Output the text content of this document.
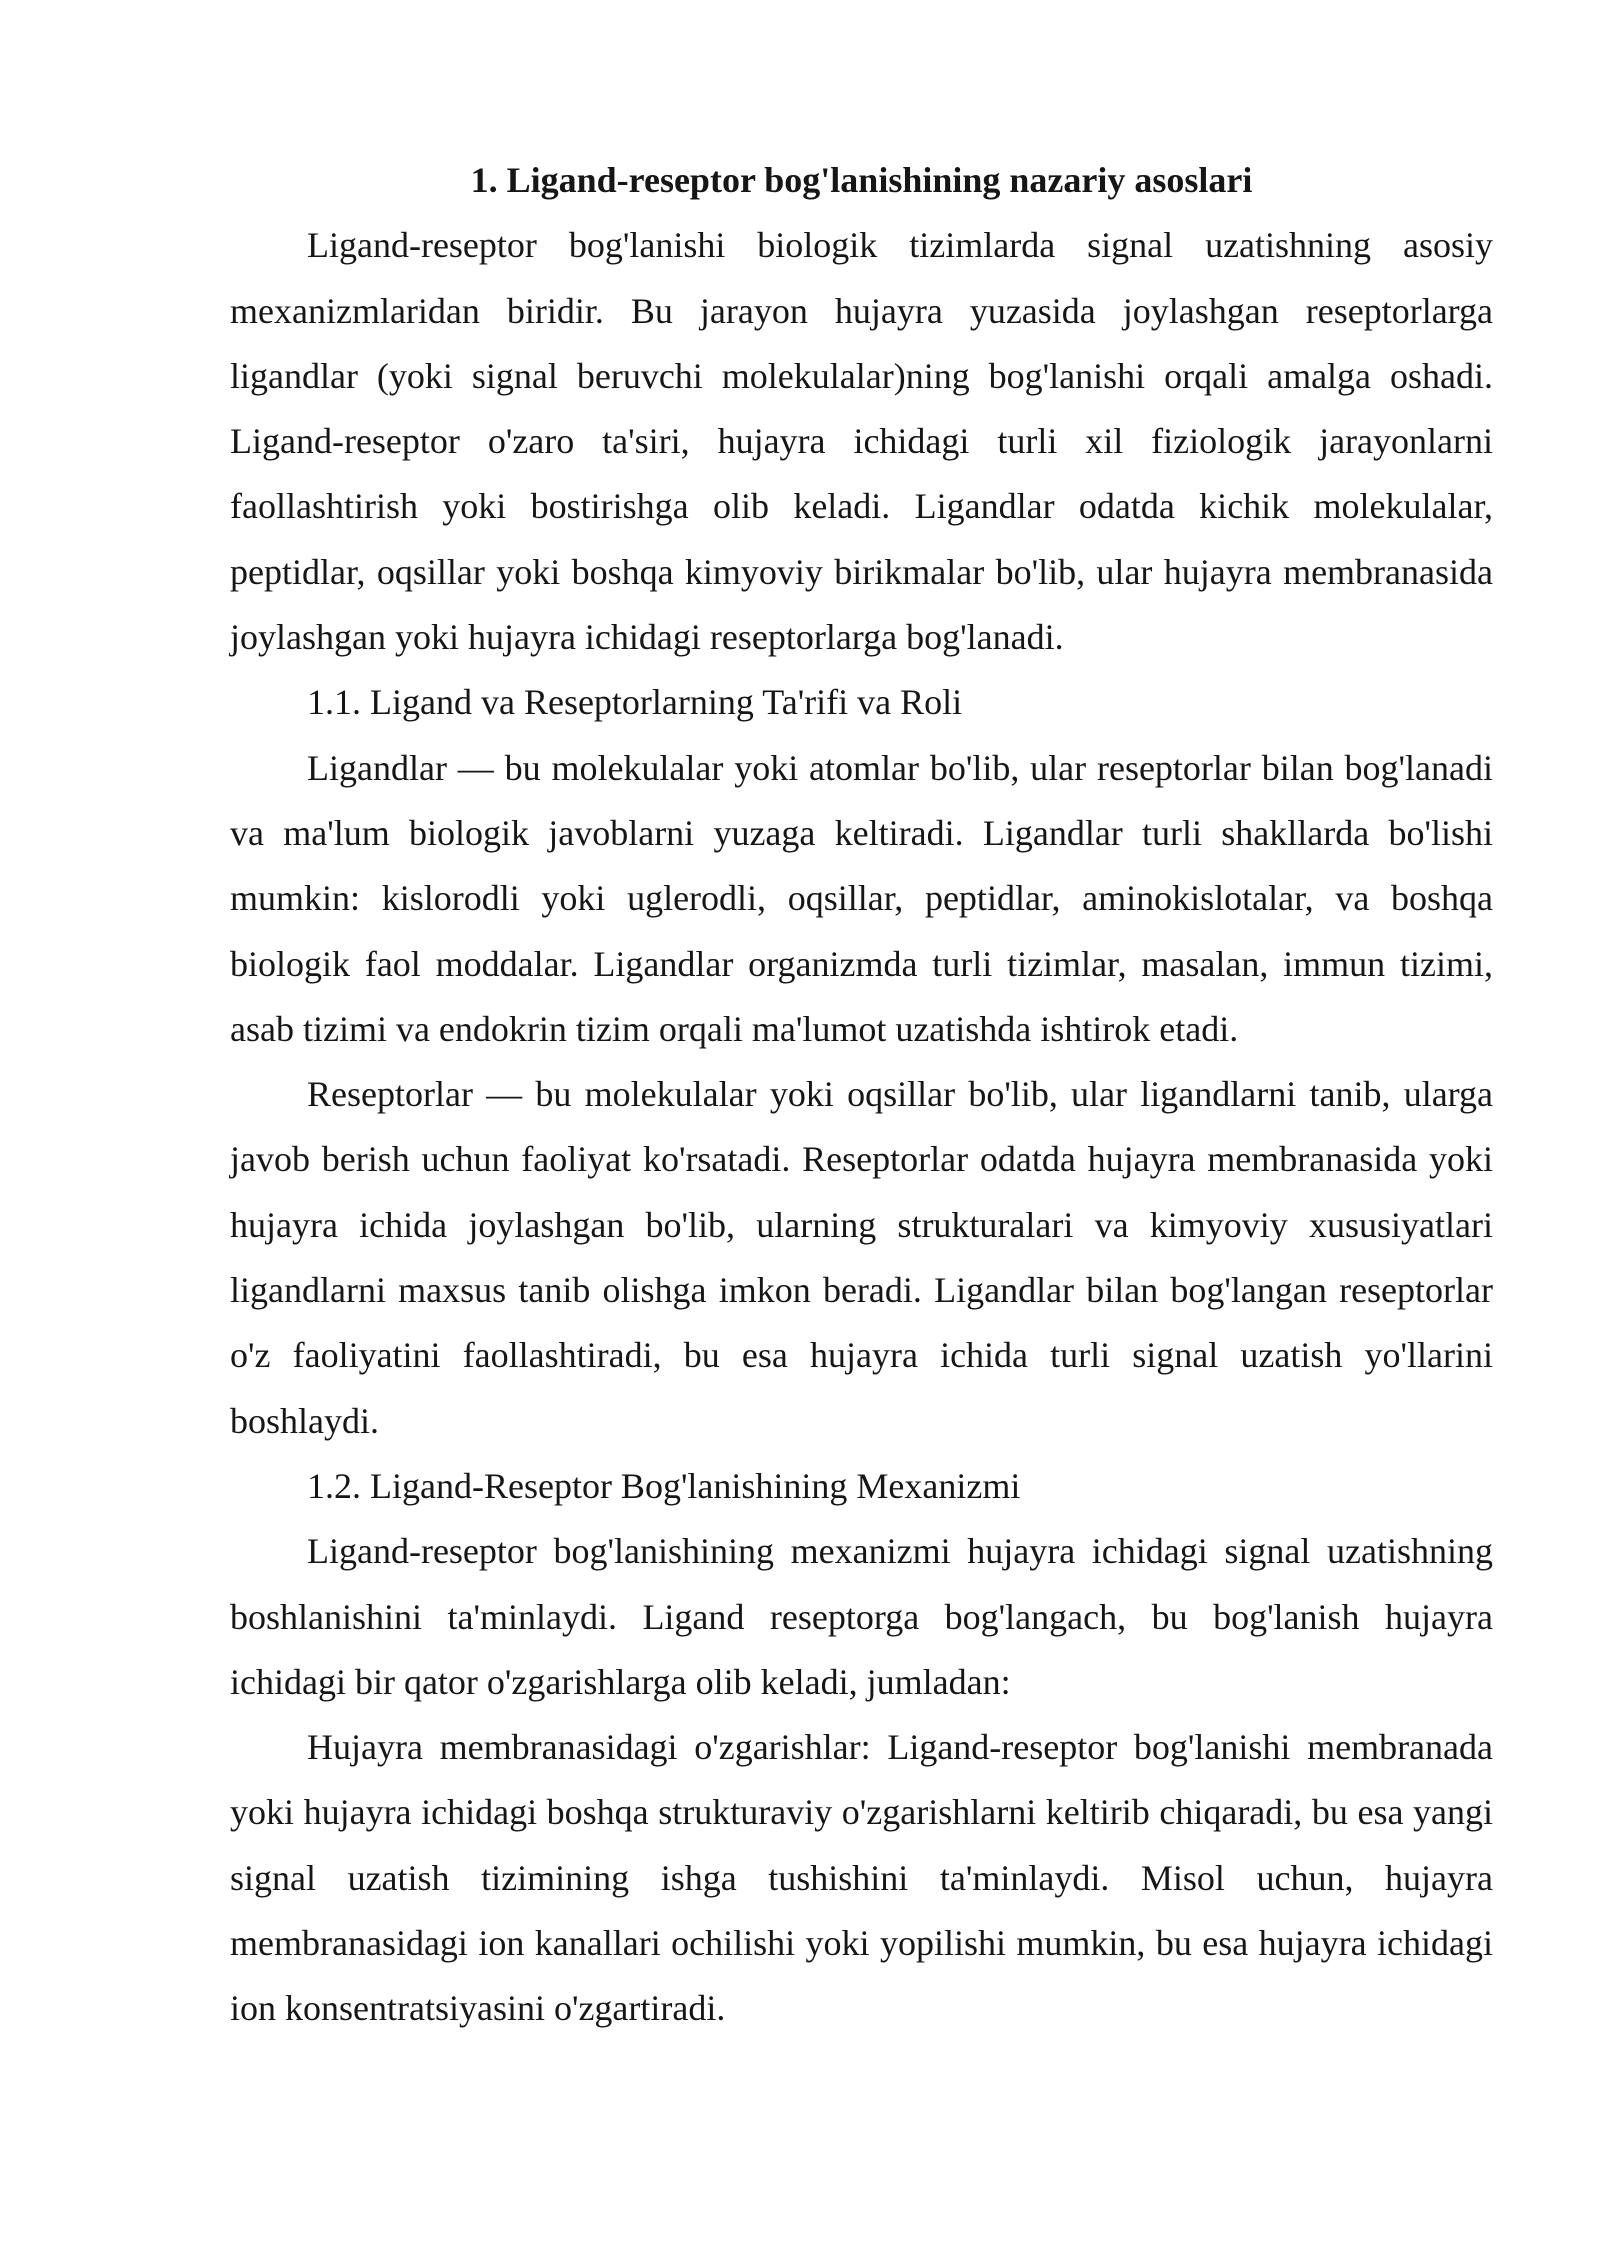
1. Ligand-reseptor bog'lanishining nazariy asoslari

Ligand-reseptor bog'lanishi biologik tizimlarda signal uzatishning asosiy mexanizmlaridan biridir. Bu jarayon hujayra yuzasida joylashgan reseptorlarga ligandlar (yoki signal beruvchi molekulalar)ning bog'lanishi orqali amalga oshadi. Ligand-reseptor o'zaro ta'siri, hujayra ichidagi turli xil fiziologik jarayonlarni faollashtirish yoki bostirishga olib keladi. Ligandlar odatda kichik molekulalar, peptidlar, oqsillar yoki boshqa kimyoviy birikmalar bo'lib, ular hujayra membranasida joylashgan yoki hujayra ichidagi reseptorlarga bog'lanadi.

1.1. Ligand va Reseptorlarning Ta'rifi va Roli

Ligandlar — bu molekulalar yoki atomlar bo'lib, ular reseptorlar bilan bog'lanadi va ma'lum biologik javoblarni yuzaga keltiradi. Ligandlar turli shakllarda bo'lishi mumkin: kislorodli yoki uglerodli, oqsillar, peptidlar, aminokislotalar, va boshqa biologik faol moddalar. Ligandlar organizmda turli tizimlar, masalan, immun tizimi, asab tizimi va endokrin tizim orqali ma'lumot uzatishda ishtirok etadi.

Reseptorlar — bu molekulalar yoki oqsillar bo'lib, ular ligandlarni tanib, ularga javob berish uchun faoliyat ko'rsatadi. Reseptorlar odatda hujayra membranasida yoki hujayra ichida joylashgan bo'lib, ularning strukturalari va kimyoviy xususiyatlari ligandlarni maxsus tanib olishga imkon beradi. Ligandlar bilan bog'langan reseptorlar o'z faoliyatini faollashtiradi, bu esa hujayra ichida turli signal uzatish yo'llarini boshlaydi.

1.2. Ligand-Reseptor Bog'lanishining Mexanizmi

Ligand-reseptor bog'lanishining mexanizmi hujayra ichidagi signal uzatishning boshlanishini ta'minlaydi. Ligand reseptorga bog'langach, bu bog'lanish hujayra ichidagi bir qator o'zgarishlarga olib keladi, jumladan:

Hujayra membranasidagi o'zgarishlar: Ligand-reseptor bog'lanishi membranada yoki hujayra ichidagi boshqa strukturaviy o'zgarishlarni keltirib chiqaradi, bu esa yangi signal uzatish tizimining ishga tushishini ta'minlaydi. Misol uchun, hujayra membranasidagi ion kanallari ochilishi yoki yopilishi mumkin, bu esa hujayra ichidagi ion konsentratsiyasini o'zgartiradi.
